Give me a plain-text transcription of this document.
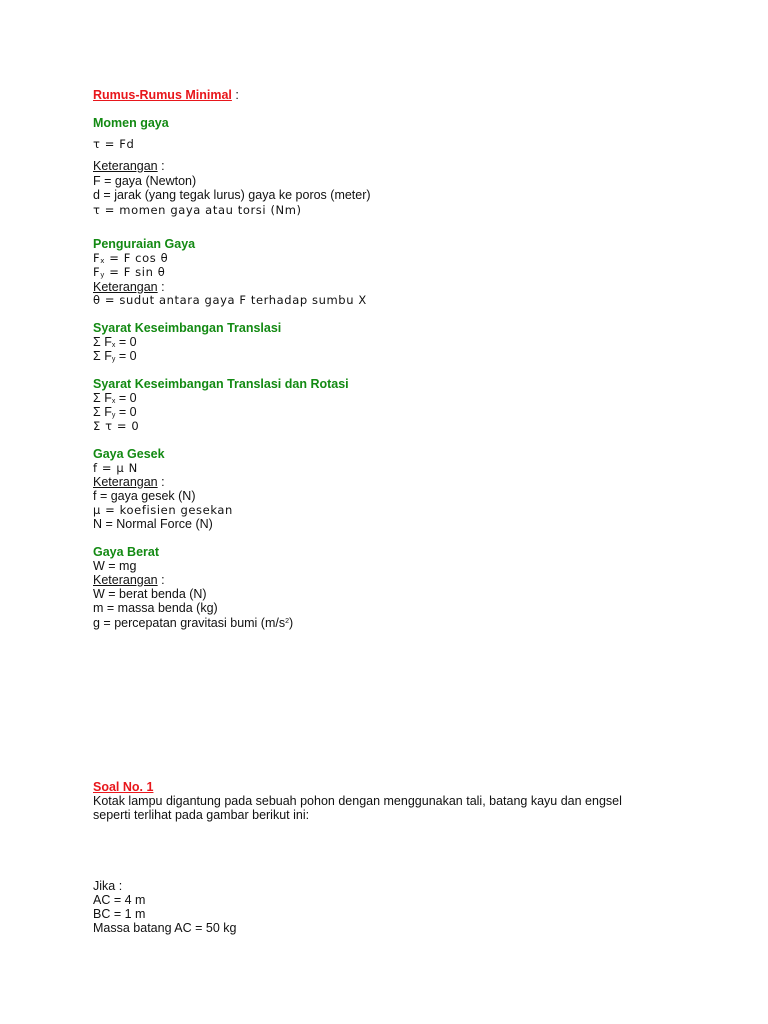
Rumus-Rumus Minimal :
Momen gaya
τ = Fd
Keterangan :
F = gaya (Newton)
d = jarak (yang tegak lurus) gaya ke poros (meter)
τ = momen gaya atau torsi (Nm)
Penguraian Gaya
Fx = F cos θ
Fy = F sin θ
Keterangan :
θ = sudut antara gaya F terhadap sumbu X
Syarat Keseimbangan Translasi
Σ Fx = 0
Σ Fy = 0
Syarat Keseimbangan Translasi dan Rotasi
Σ Fx = 0
Σ Fy = 0
Σ τ = 0
Gaya Gesek
f = μ N
Keterangan :
f = gaya gesek (N)
μ = koefisien gesekan
N = Normal Force (N)
Gaya Berat
W = mg
Keterangan :
W = berat benda (N)
m = massa benda (kg)
g = percepatan gravitasi bumi $(m/s^2)$
Soal No. 1
Kotak lampu digantung pada sebuah pohon dengan menggunakan tali, batang kayu dan engsel
seperti terlihat pada gambar berikut ini:
Jika :
AC = 4 m
BC = 1 m
Massa batang AC = 50 kg
